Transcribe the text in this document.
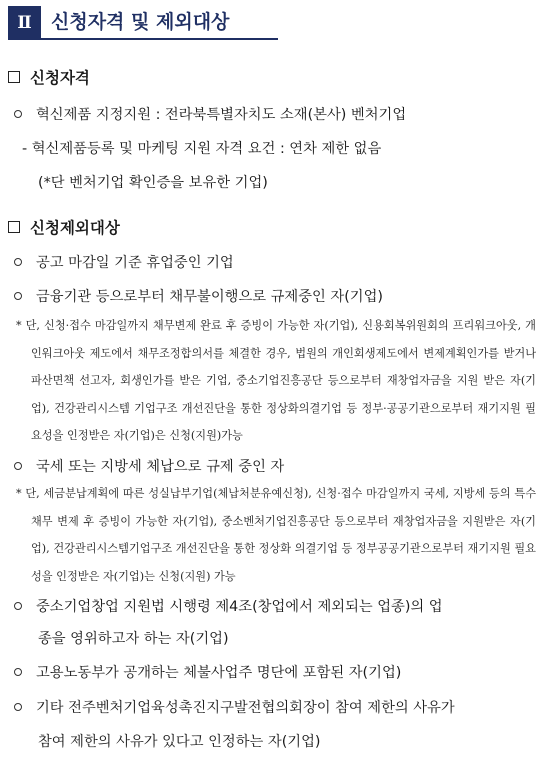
Ⅱ	신청자격 및 제외대상
신청자격
혁신제품 지정지원 : 전라북특별자치도 소재(본사) 벤처기업
- 혁신제품등록 및 마케팅 지원 자격 요건 : 연차 제한 없음
(*단 벤처기업 확인증을 보유한 기업)
신청제외대상
공고 마감일 기준 휴업중인 기업
금융기관 등으로부터 채무불이행으로 규제중인 자(기업)
* 단, 신청·접수 마감일까지 채무변제 완료 후 증빙이 가능한 자(기업), 신용회복위원회의 프리워크아웃, 개인워크아웃 제도에서 채무조정합의서를 체결한 경우, 법원의 개인회생제도에서 변제계획인가를 받거나 파산면책 선고자, 회생인가를 받은 기업, 중소기업진흥공단 등으로부터 재창업자금을 지원 받은 자(기업), 건강관리시스템 기업구조 개선진단을 통한 정상화의결기업 등 정부·공공기관으로부터 재기지원 필요성을 인정받은 자(기업)은 신청(지원)가능
국세 또는 지방세 체납으로 규제 중인 자
* 단, 세금분납계획에 따른 성실납부기업(체납처분유예신청), 신청·접수 마감일까지 국세, 지방세 등의 특수채무 변제 후 증빙이 가능한 자(기업), 중소벤처기업진흥공단 등으로부터 재창업자금을 지원받은 자(기업), 건강관리시스템기업구조 개선진단을 통한 정상화 의결기업 등 정부공공기관으로부터 재기지원 필요성을 인정받은 자(기업)는 신청(지원) 가능
중소기업창업 지원법 시행령 제4조(창업에서 제외되는 업종)의 업
종을 영위하고자 하는 자(기업)
고용노동부가 공개하는 체불사업주 명단에 포함된 자(기업)
기타 전주벤처기업육성촉진지구발전협의회장이 참여 제한의 사유가
참여 제한의 사유가 있다고 인정하는 자(기업)
